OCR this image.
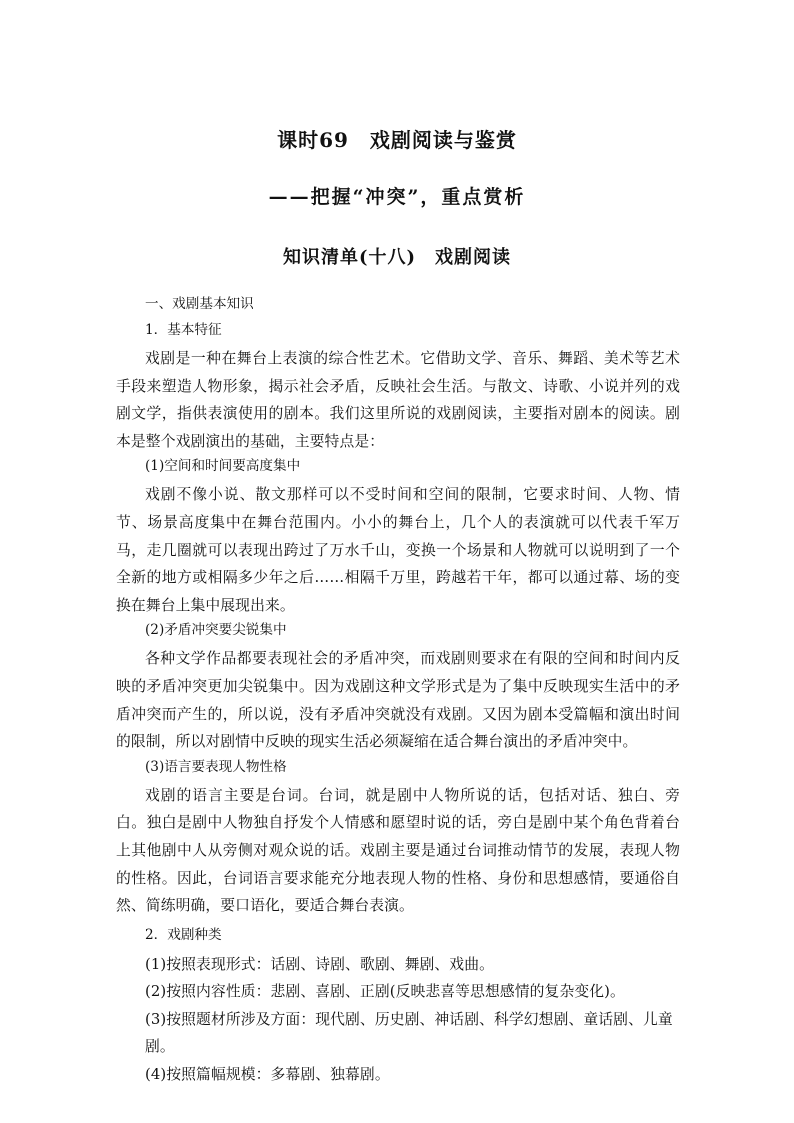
课时69　戏剧阅读与鉴赏
——把握“冲突”，重点赏析
知识清单(十八)　戏剧阅读
一、戏剧基本知识
1．基本特征
戏剧是一种在舞台上表演的综合性艺术。它借助文学、音乐、舞蹈、美术等艺术手段来塑造人物形象，揭示社会矛盾，反映社会生活。与散文、诗歌、小说并列的戏剧文学，指供表演使用的剧本。我们这里所说的戏剧阅读，主要指对剧本的阅读。剧本是整个戏剧演出的基础，主要特点是：
(1)空间和时间要高度集中
戏剧不像小说、散文那样可以不受时间和空间的限制，它要求时间、人物、情节、场景高度集中在舞台范围内。小小的舞台上，几个人的表演就可以代表千军万马，走几圈就可以表现出跨过了万水千山，变换一个场景和人物就可以说明到了一个全新的地方或相隔多少年之后……相隔千万里，跨越若干年，都可以通过幕、场的变换在舞台上集中展现出来。
(2)矛盾冲突要尖锐集中
各种文学作品都要表现社会的矛盾冲突，而戏剧则要求在有限的空间和时间内反映的矛盾冲突更加尖锐集中。因为戏剧这种文学形式是为了集中反映现实生活中的矛盾冲突而产生的，所以说，没有矛盾冲突就没有戏剧。又因为剧本受篇幅和演出时间的限制，所以对剧情中反映的现实生活必须凝缩在适合舞台演出的矛盾冲突中。
(3)语言要表现人物性格
戏剧的语言主要是台词。台词，就是剧中人物所说的话，包括对话、独白、旁白。独白是剧中人物独自抒发个人情感和愿望时说的话，旁白是剧中某个角色背着台上其他剧中人从旁侧对观众说的话。戏剧主要是通过台词推动情节的发展，表现人物的性格。因此，台词语言要求能充分地表现人物的性格、身份和思想感情，要通俗自然、简练明确，要口语化，要适合舞台表演。
2．戏剧种类
(1)按照表现形式：话剧、诗剧、歌剧、舞剧、戏曲。
(2)按照内容性质：悲剧、喜剧、正剧(反映悲喜等思想感情的复杂变化)。
(3)按照题材所涉及方面：现代剧、历史剧、神话剧、科学幻想剧、童话剧、儿童剧。
(4)按照篇幅规模：多幕剧、独幕剧。
